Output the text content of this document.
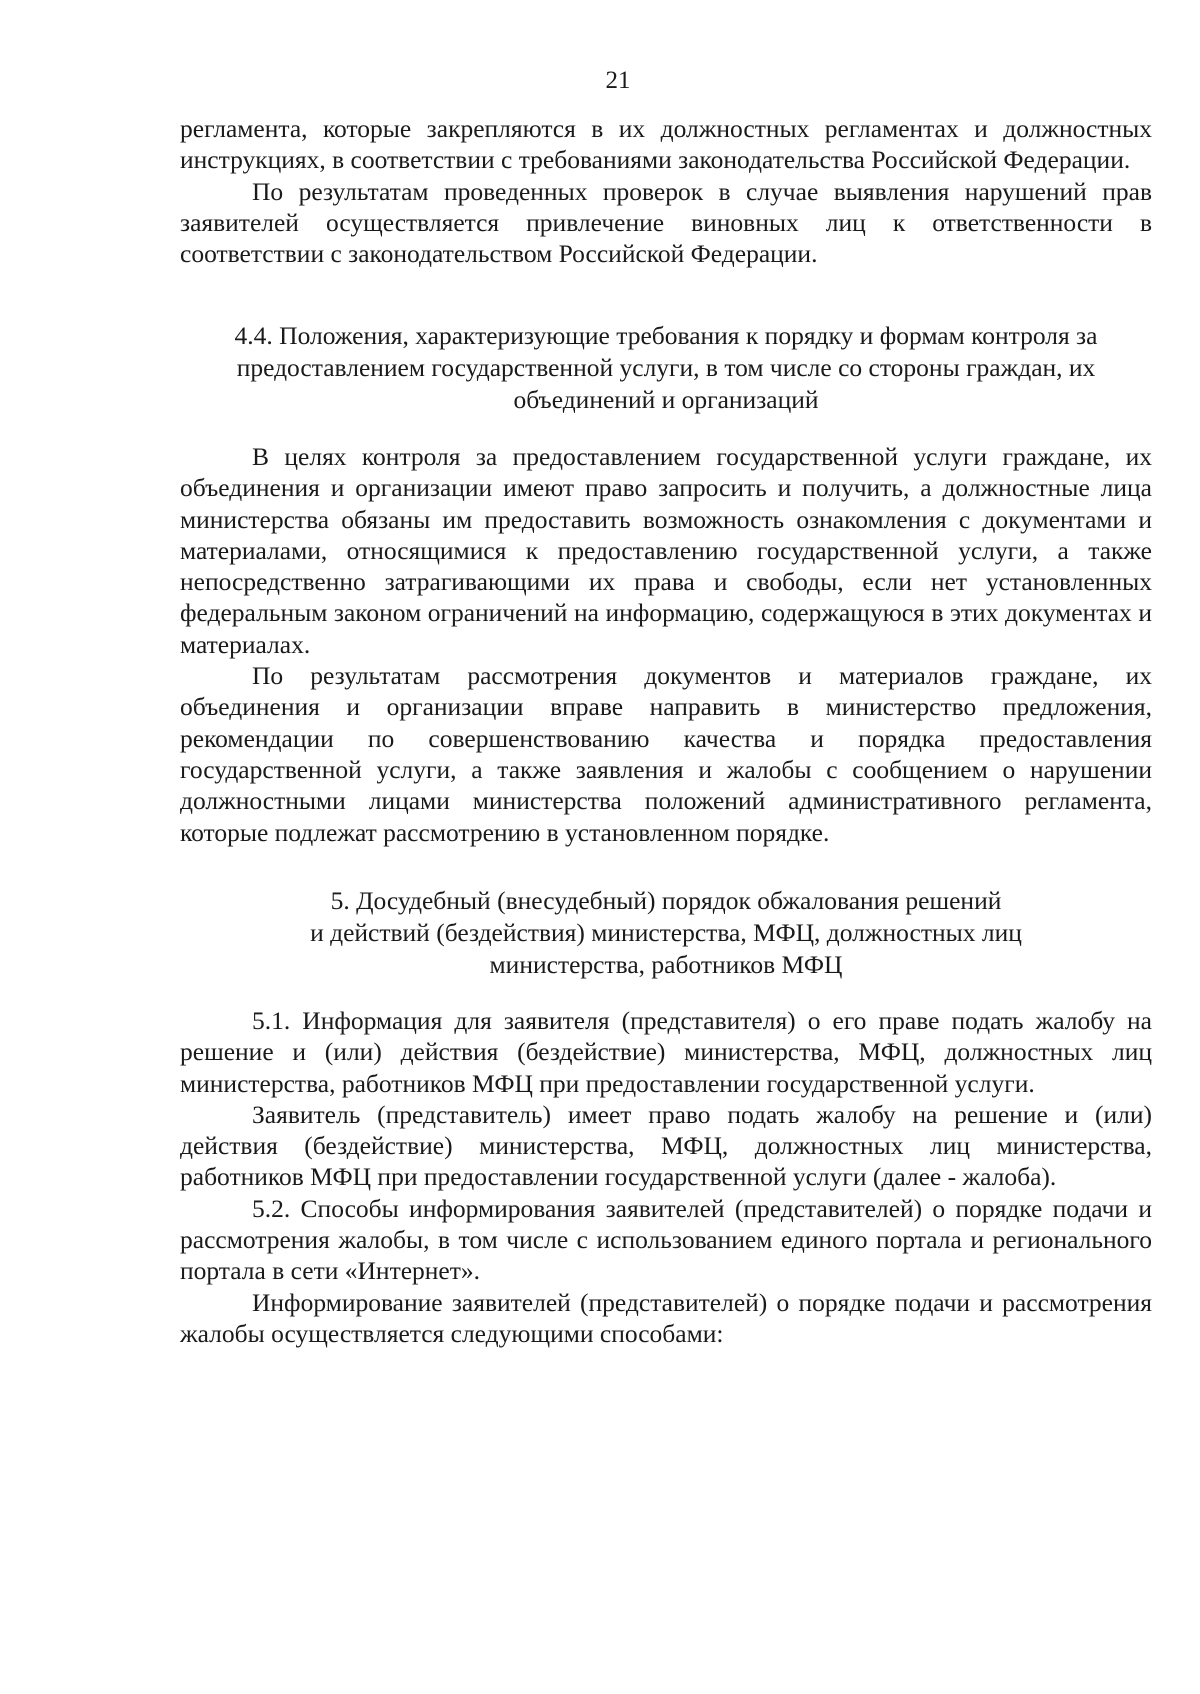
21

регламента, которые закрепляются в их должностных регламентах и должностных инструкциях, в соответствии с требованиями законодательства Российской Федерации.

По результатам проведенных проверок в случае выявления нарушений прав заявителей осуществляется привлечение виновных лиц к ответственности в соответствии с законодательством Российской Федерации.

4.4. Положения, характеризующие требования к порядку и формам контроля за
предоставлением государственной услуги, в том числе со стороны граждан, их
объединений и организаций

В целях контроля за предоставлением государственной услуги граждане, их объединения и организации имеют право запросить и получить, а должностные лица министерства обязаны им предоставить возможность ознакомления с документами и материалами, относящимися к предоставлению государственной услуги, а также непосредственно затрагивающими их права и свободы, если нет установленных федеральным законом ограничений на информацию, содержащуюся в этих документах и материалах.

По результатам рассмотрения документов и материалов граждане, их объединения и организации вправе направить в министерство предложения, рекомендации по совершенствованию качества и порядка предоставления государственной услуги, а также заявления и жалобы с сообщением о нарушении должностными лицами министерства положений административного регламента, которые подлежат рассмотрению в установленном порядке.

5. Досудебный (внесудебный) порядок обжалования решений
и действий (бездействия) министерства, МФЦ, должностных лиц
министерства, работников МФЦ

5.1. Информация для заявителя (представителя) о его праве подать жалобу на решение и (или) действия (бездействие) министерства, МФЦ, должностных лиц министерства, работников МФЦ при предоставлении государственной услуги.

Заявитель (представитель) имеет право подать жалобу на решение и (или) действия (бездействие) министерства, МФЦ, должностных лиц министерства, работников МФЦ при предоставлении государственной услуги (далее - жалоба).

5.2. Способы информирования заявителей (представителей) о порядке подачи и рассмотрения жалобы, в том числе с использованием единого портала и регионального портала в сети «Интернет».

Информирование заявителей (представителей) о порядке подачи и рассмотрения жалобы осуществляется следующими способами:
